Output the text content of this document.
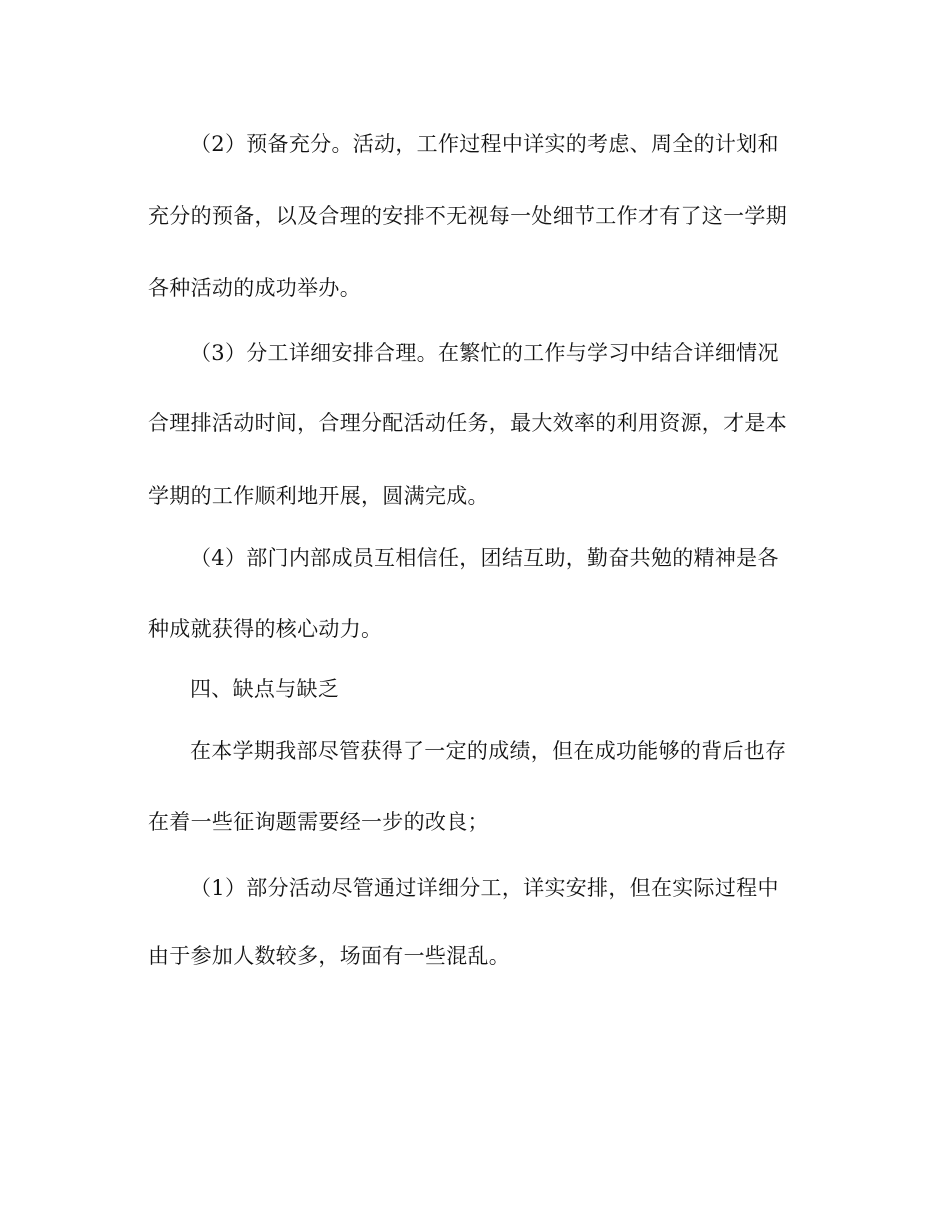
（2）预备充分。活动，工作过程中详实的考虑、周全的计划和
充分的预备，以及合理的安排不无视每一处细节工作才有了这一学期
各种活动的成功举办。
（3）分工详细安排合理。在繁忙的工作与学习中结合详细情况
合理排活动时间，合理分配活动任务，最大效率的利用资源，才是本
学期的工作顺利地开展，圆满完成。
（4）部门内部成员互相信任，团结互助，勤奋共勉的精神是各
种成就获得的核心动力。
四、缺点与缺乏
在本学期我部尽管获得了一定的成绩，但在成功能够的背后也存
在着一些征询题需要经一步的改良；
（1）部分活动尽管通过详细分工，详实安排，但在实际过程中
由于参加人数较多，场面有一些混乱。
